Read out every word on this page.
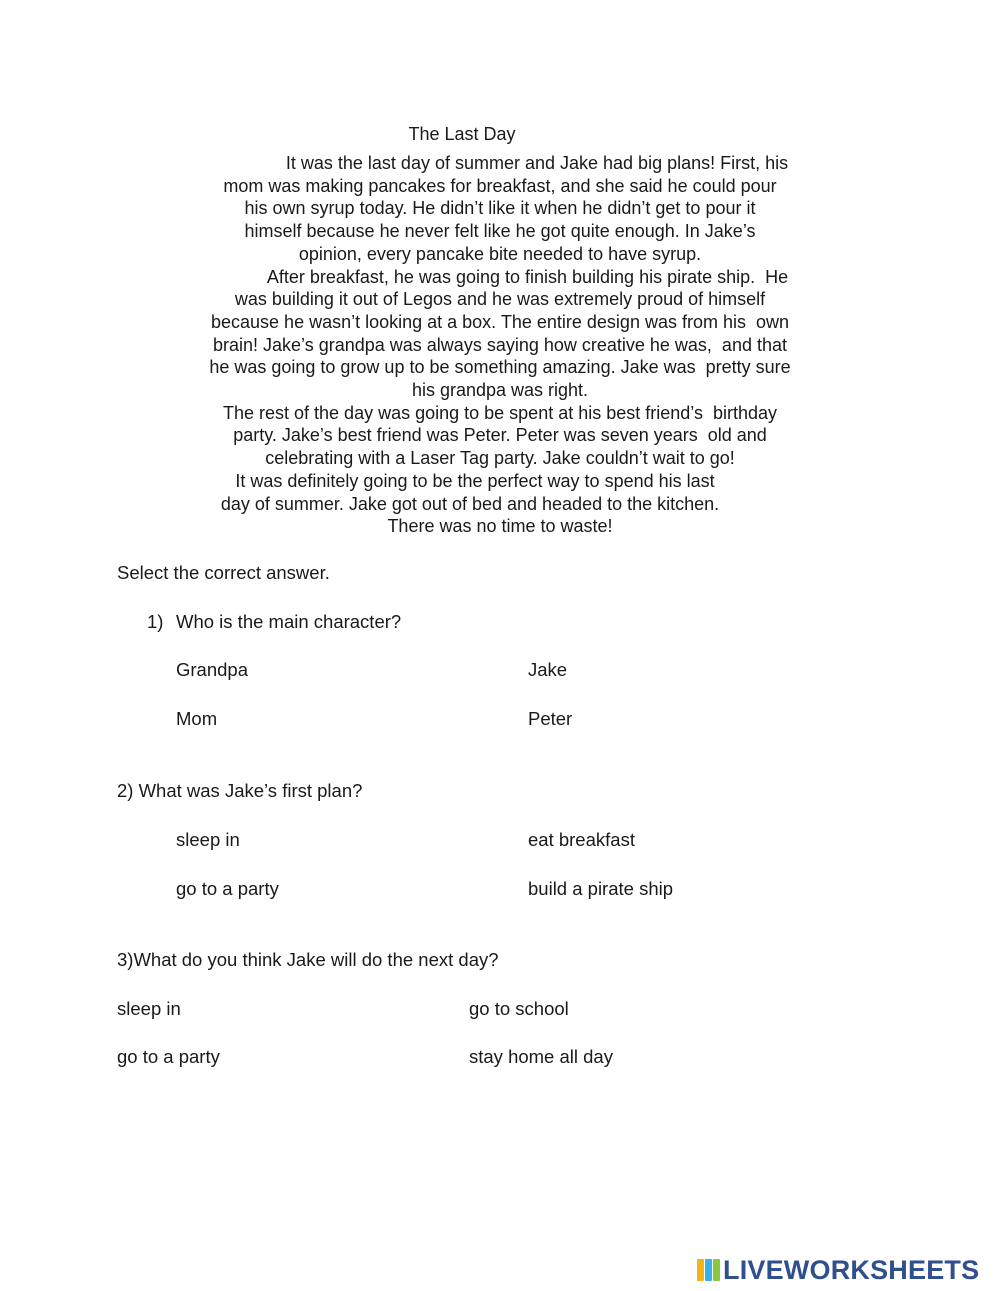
The Last Day
It was the last day of summer and Jake had big plans! First, his
mom was making pancakes for breakfast, and she said he could pour
his own syrup today. He didn’t like it when he didn’t get to pour it
himself because he never felt like he got quite enough. In Jake’s
opinion, every pancake bite needed to have syrup.
After breakfast, he was going to finish building his pirate ship.  He
was building it out of Legos and he was extremely proud of himself
because he wasn’t looking at a box. The entire design was from his  own
brain! Jake’s grandpa was always saying how creative he was,  and that
he was going to grow up to be something amazing. Jake was  pretty sure
his grandpa was right.
The rest of the day was going to be spent at his best friend’s  birthday
party. Jake’s best friend was Peter. Peter was seven years  old and
celebrating with a Laser Tag party. Jake couldn’t wait to go!
It was definitely going to be the perfect way to spend his last
day of summer. Jake got out of bed and headed to the kitchen.
There was no time to waste!
Select the correct answer.
1) Who is the main character?
Grandpa	Jake
Mom	Peter
2) What was Jake’s first plan?
sleep in	eat breakfast
go to a party	build a pirate ship
3)What do you think Jake will do the next day?
sleep in	go to school
go to a party	stay home all day
LIVEWORKSHEETS
